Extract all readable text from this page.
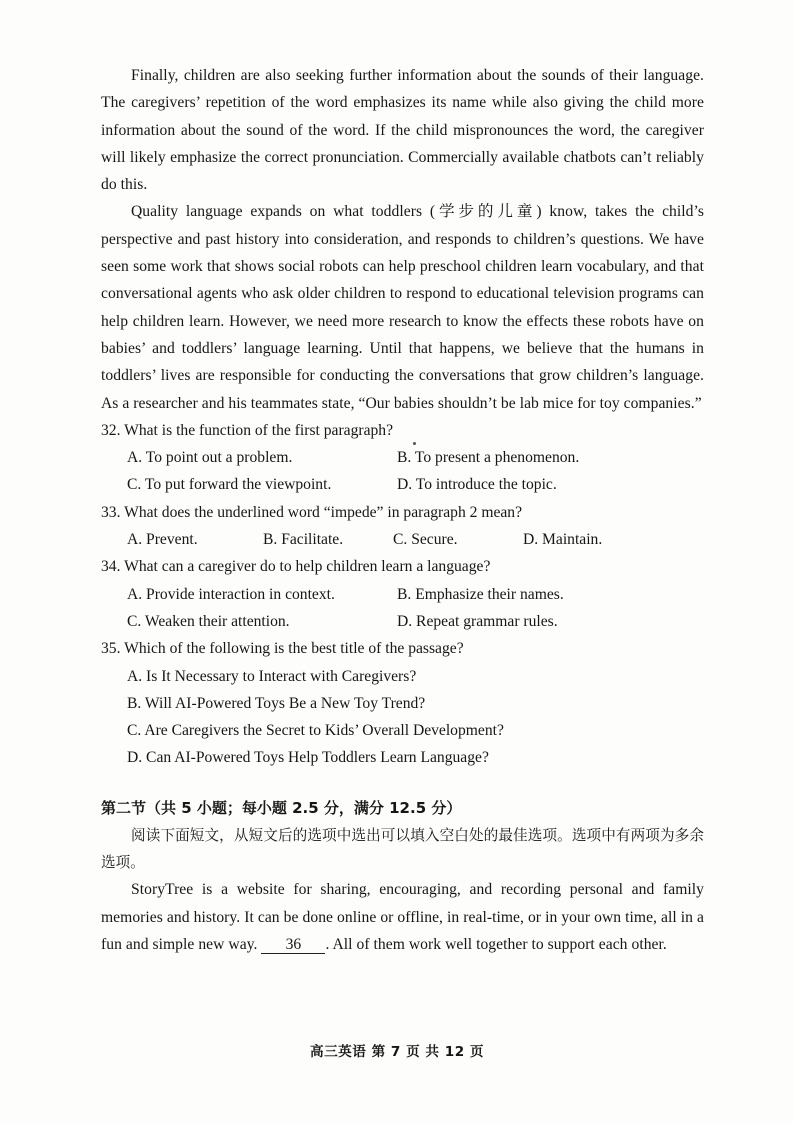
Finally, children are also seeking further information about the sounds of their language. The caregivers’ repetition of the word emphasizes its name while also giving the child more information about the sound of the word. If the child mispronounces the word, the caregiver will likely emphasize the correct pronunciation. Commercially available chatbots can’t reliably do this.

Quality language expands on what toddlers (学步的儿童) know, takes the child’s perspective and past history into consideration, and responds to children’s questions. We have seen some work that shows social robots can help preschool children learn vocabulary, and that conversational agents who ask older children to respond to educational television programs can help children learn. However, we need more research to know the effects these robots have on babies’ and toddlers’ language learning. Until that happens, we believe that the humans in toddlers’ lives are responsible for conducting the conversations that grow children’s language. As a researcher and his teammates state, “Our babies shouldn’t be lab mice for toy companies.”

32. What is the function of the first paragraph?

A. To point out a problem.	B. To present a phenomenon.
C. To put forward the viewpoint.	D. To introduce the topic.

33. What does the underlined word “impede” in paragraph 2 mean?

A. Prevent.	B. Facilitate.	C. Secure.	D. Maintain.

34. What can a caregiver do to help children learn a language?

A. Provide interaction in context.	B. Emphasize their names.
C. Weaken their attention.	D. Repeat grammar rules.

35. Which of the following is the best title of the passage?

A. Is It Necessary to Interact with Caregivers?
B. Will AI-Powered Toys Be a New Toy Trend?
C. Are Caregivers the Secret to Kids’ Overall Development?
D. Can AI-Powered Toys Help Toddlers Learn Language?
第二节（共 5 小题；每小题 2.5 分，满分 12.5 分）

阅读下面短文，从短文后的选项中选出可以填入空白处的最佳选项。选项中有两项为多余选项。

StoryTree is a website for sharing, encouraging, and recording personal and family memories and history. It can be done online or offline, in real-time, or in your own time, all in a fun and simple new way. 36 . All of them work well together to support each other.

高三英语 第 7 页 共 12 页
